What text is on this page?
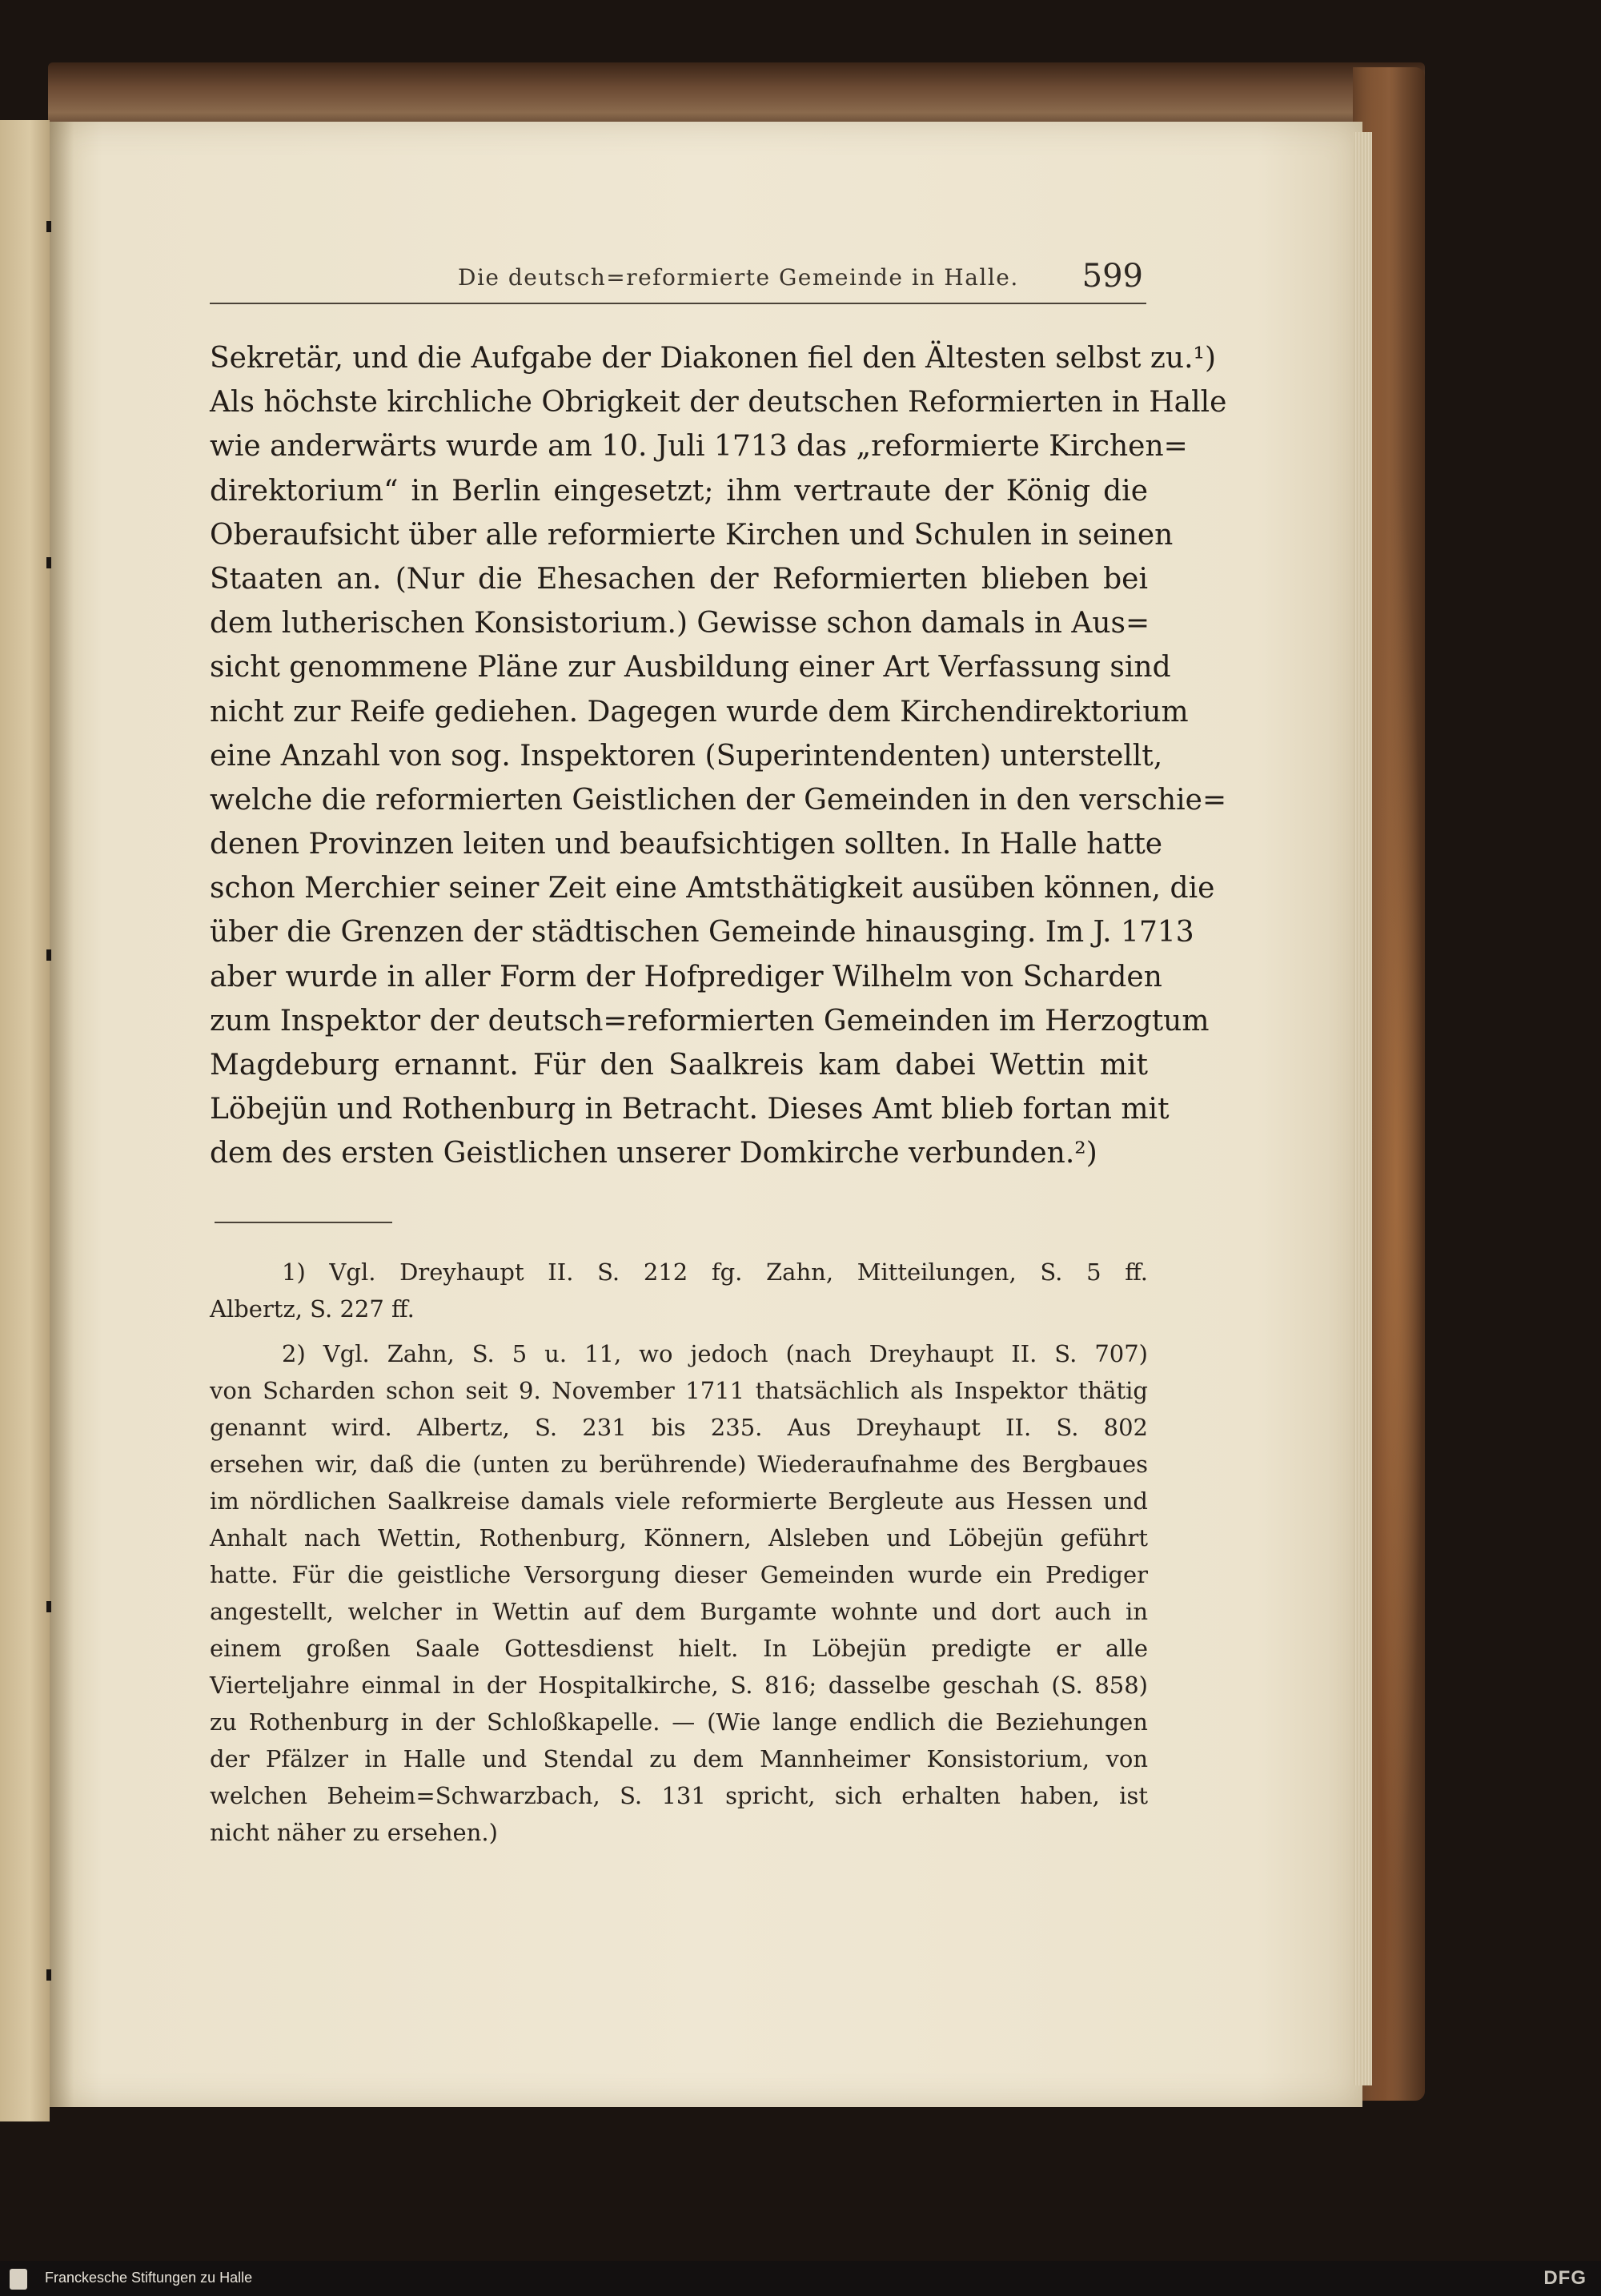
Die deutsch=reformierte Gemeinde in Halle. 599
Sekretär, und die Aufgabe der Diakonen fiel den Ältesten selbst zu.¹)
Als höchste kirchliche Obrigkeit der deutschen Reformierten in Halle
wie anderwärts wurde am 10. Juli 1713 das „reformierte Kirchen=
direktorium“ in Berlin eingesetzt; ihm vertraute der König die
Oberaufsicht über alle reformierte Kirchen und Schulen in seinen
Staaten an. (Nur die Ehesachen der Reformierten blieben bei
dem lutherischen Konsistorium.) Gewisse schon damals in Aus=
sicht genommene Pläne zur Ausbildung einer Art Verfassung sind
nicht zur Reife gediehen. Dagegen wurde dem Kirchendirektorium
eine Anzahl von sog. Inspektoren (Superintendenten) unterstellt,
welche die reformierten Geistlichen der Gemeinden in den verschie=
denen Provinzen leiten und beaufsichtigen sollten. In Halle hatte
schon Merchier seiner Zeit eine Amtsthätigkeit ausüben können, die
über die Grenzen der städtischen Gemeinde hinausging. Im J. 1713
aber wurde in aller Form der Hofprediger Wilhelm von Scharden
zum Inspektor der deutsch=reformierten Gemeinden im Herzogtum
Magdeburg ernannt. Für den Saalkreis kam dabei Wettin mit
Löbejün und Rothenburg in Betracht. Dieses Amt blieb fortan mit
dem des ersten Geistlichen unserer Domkirche verbunden.²)
1) Vgl. Dreyhaupt II. S. 212 fg. Zahn, Mitteilungen, S. 5 ff.
Albertz, S. 227 ff.
2) Vgl. Zahn, S. 5 u. 11, wo jedoch (nach Dreyhaupt II. S. 707)
von Scharden schon seit 9. November 1711 thatsächlich als Inspektor thätig
genannt wird. Albertz, S. 231 bis 235. Aus Dreyhaupt II. S. 802
ersehen wir, daß die (unten zu berührende) Wiederaufnahme des Bergbaues
im nördlichen Saalkreise damals viele reformierte Bergleute aus Hessen und
Anhalt nach Wettin, Rothenburg, Könnern, Alsleben und Löbejün geführt
hatte. Für die geistliche Versorgung dieser Gemeinden wurde ein Prediger
angestellt, welcher in Wettin auf dem Burgamte wohnte und dort auch in
einem großen Saale Gottesdienst hielt. In Löbejün predigte er alle
Vierteljahre einmal in der Hospitalkirche, S. 816; dasselbe geschah (S. 858)
zu Rothenburg in der Schloßkapelle. — (Wie lange endlich die Beziehungen
der Pfälzer in Halle und Stendal zu dem Mannheimer Konsistorium, von
welchen Beheim=Schwarzbach, S. 131 spricht, sich erhalten haben, ist
nicht näher zu ersehen.)
Franckesche Stiftungen zu Halle	DFG
